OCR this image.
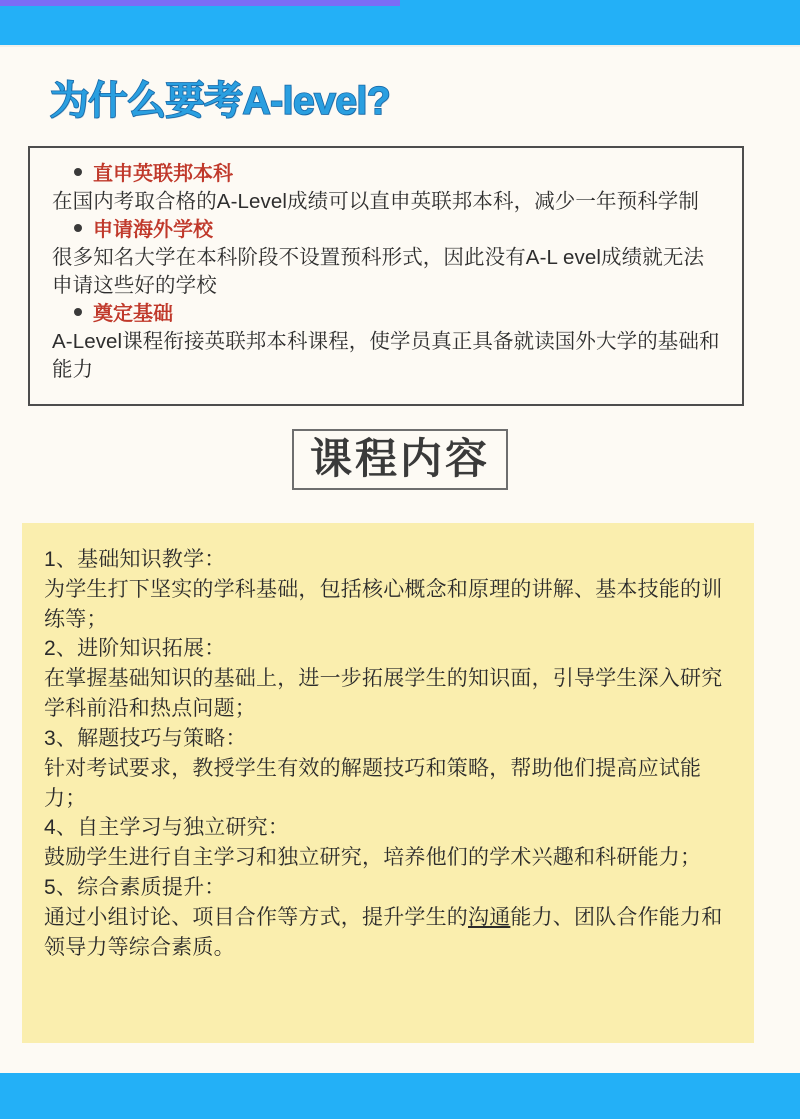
为什么要考A-level?
直申英联邦本科

在国内考取合格的A-Level成绩可以直申英联邦本科，减少一年预科学制

申请海外学校

很多知名大学在本科阶段不设置预科形式，因此没有A-L evel成绩就无法申请这些好的学校

奠定基础

A-Level课程衔接英联邦本科课程，使学员真正具备就读国外大学的基础和能力

课程内容

1、基础知识教学：

为学生打下坚实的学科基础，包括核心概念和原理的讲解、基本技能的训练等；

2、进阶知识拓展：

在掌握基础知识的基础上，进一步拓展学生的知识面，引导学生深入研究学科前沿和热点问题；

3、解题技巧与策略：

针对考试要求，教授学生有效的解题技巧和策略，帮助他们提高应试能力；

4、自主学习与独立研究：

鼓励学生进行自主学习和独立研究，培养他们的学术兴趣和科研能力；

5、综合素质提升：

通过小组讨论、项目合作等方式，提升学生的沟通能力、团队合作能力和领导力等综合素质。
